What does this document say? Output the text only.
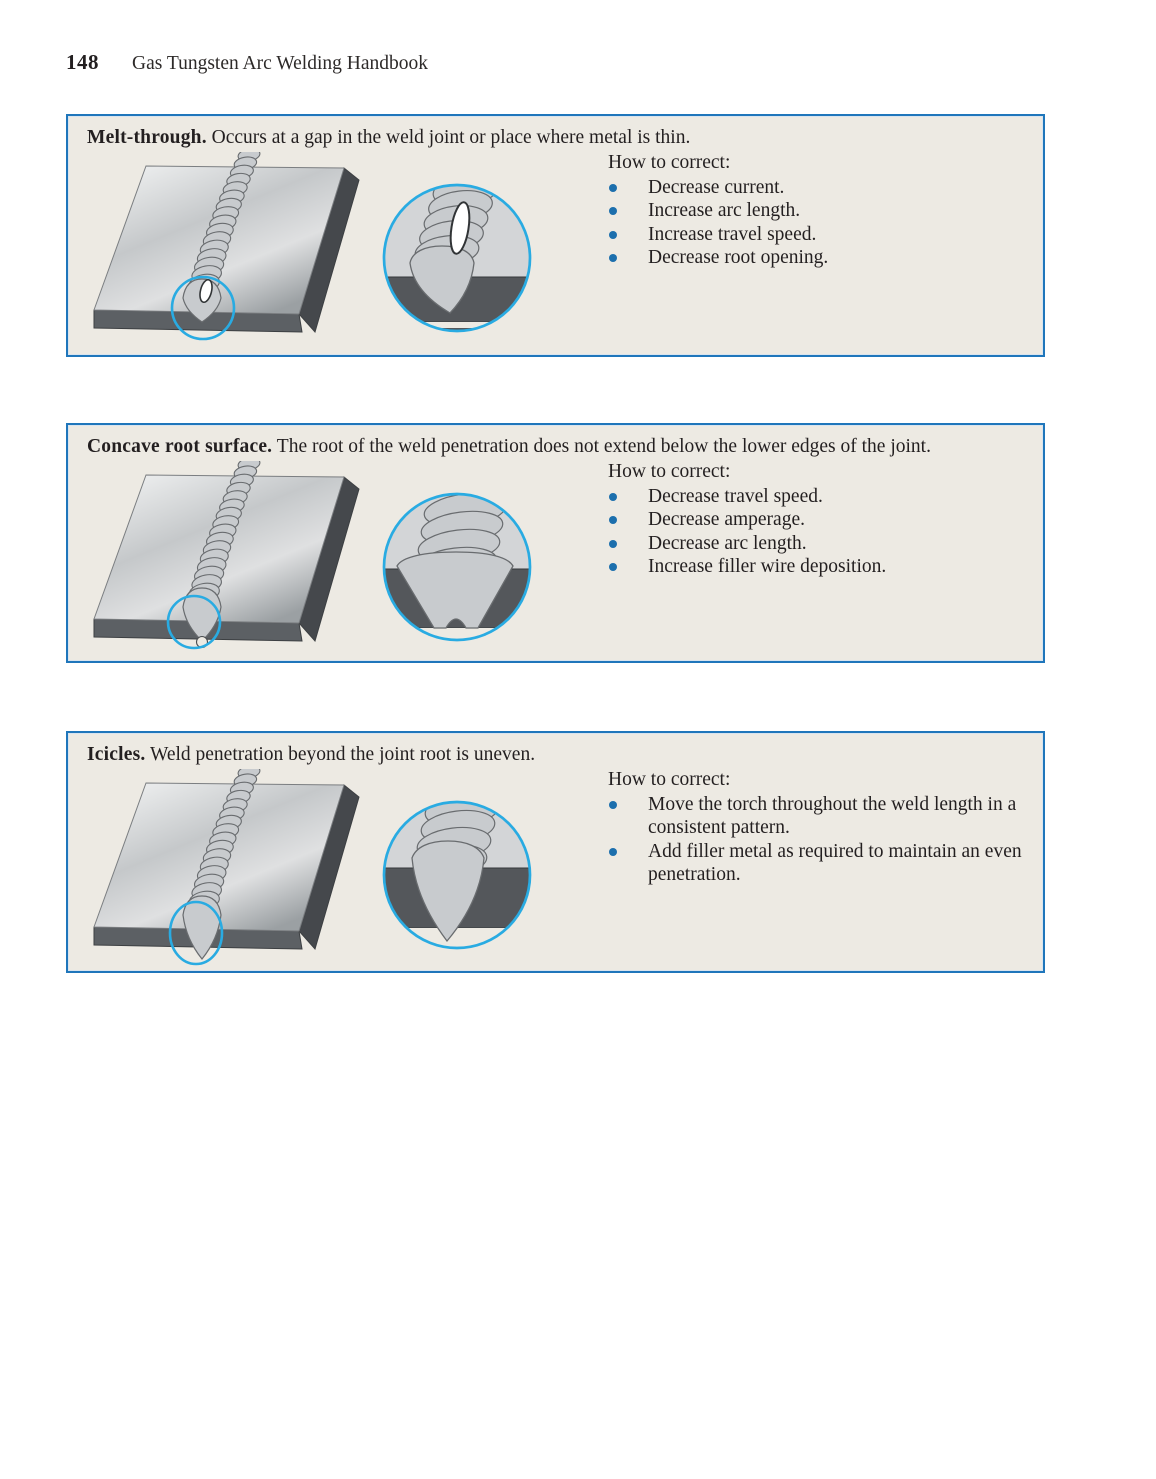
148 Gas Tungsten Arc Welding Handbook

Melt-through. Occurs at a gap in the weld joint or place where metal is thin.

How to correct:

Decrease current.
Increase arc length.
Increase travel speed.
Decrease root opening.

Concave root surface. The root of the weld penetration does not extend below the lower edges of the joint.

How to correct:

Decrease travel speed.
Decrease amperage.
Decrease arc length.
Increase filler wire deposition.

Icicles. Weld penetration beyond the joint root is uneven.

How to correct:

Move the torch throughout the weld length in a consistent pattern.
Add filler metal as required to maintain an even penetration.
